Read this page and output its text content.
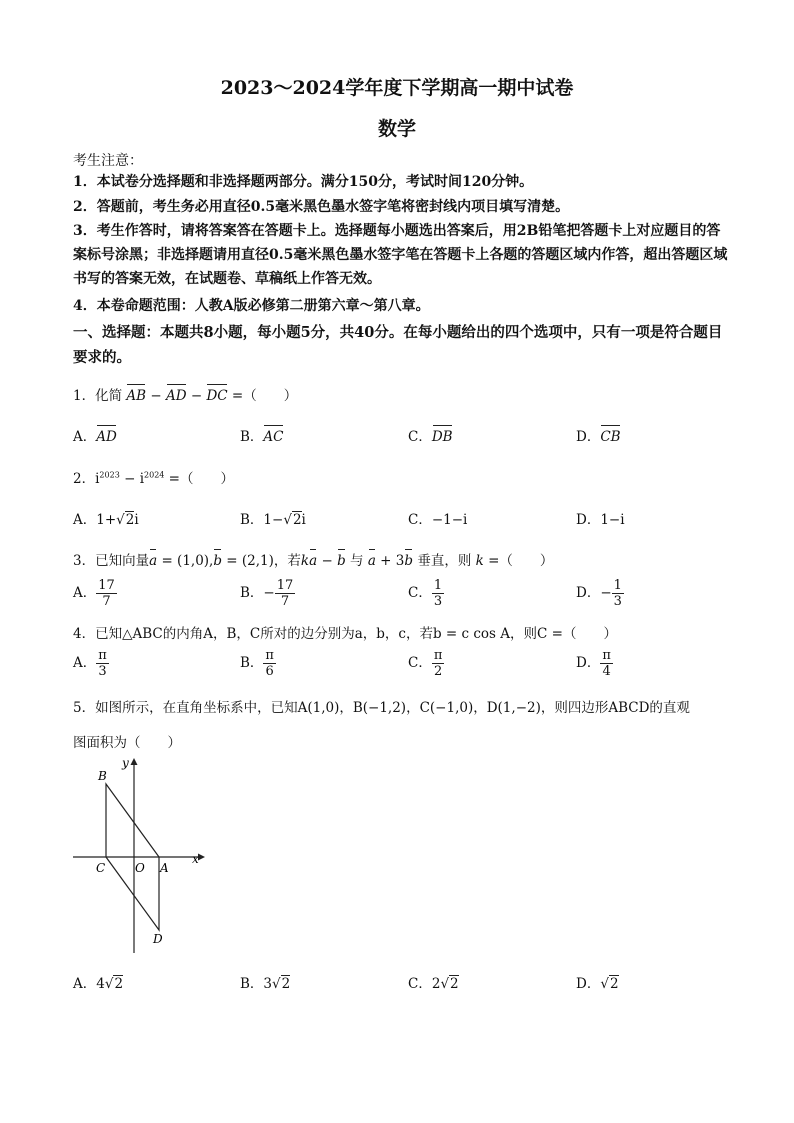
2023～2024学年度下学期高一期中试卷
数学
考生注意：
1．本试卷分选择题和非选择题两部分。满分150分，考试时间120分钟。
2．答题前，考生务必用直径0.5毫米黑色墨水签字笔将密封线内项目填写清楚。
3．考生作答时，请将答案答在答题卡上。选择题每小题选出答案后，用2B铅笔把答题卡上对应题目的答案标号涂黑；非选择题请用直径0.5毫米黑色墨水签字笔在答题卡上各题的答题区域内作答，超出答题区域书写的答案无效，在试题卷、草稿纸上作答无效。
4．本卷命题范围：人教A版必修第二册第六章～第八章。
一、选择题：本题共8小题，每小题5分，共40分。在每小题给出的四个选项中，只有一项是符合题目要求的。
1．化简 AB − AD − DC =（　　）
A．AD	B．AC	C．DB	D．CB
2．$i^{2023} - i^{2024}$ =（　　）
A．1+√2i	B．1−√2i	C．−1−i	D．1−i
3．已知向量a = (1,0),b = (2,1)，若ka − b 与 a + 3b 垂直，则 k =（　　）
A． $\frac{17}{7}$	B．− $\frac{17}{7}$	C． $\frac{1}{3}$	D．− $\frac{1}{3}$
4．已知△ABC的内角A，B，C所对的边分别为a，b，c，若b = c cos A，则C =（　　）
A． $\frac{\pi}{3}$	B． $\frac{\pi}{6}$	C． $\frac{\pi}{2}$	D． $\frac{\pi}{4}$
5．如图所示，在直角坐标系中，已知A(1,0)，B(−1,2)，C(−1,0)，D(1,−2)，则四边形ABCD的直观
图面积为（　　）
y
x
O A
B
C
D
A．4√2	B．3√2	C．2√2	D．√2
